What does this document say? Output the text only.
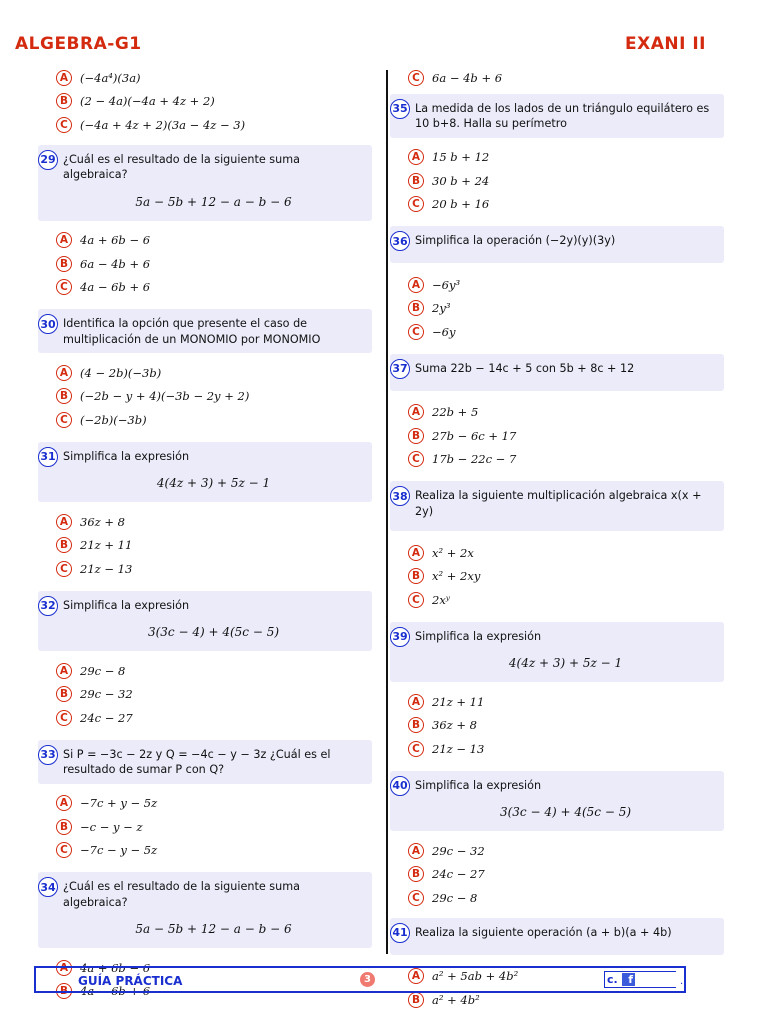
ALGEBRA-G1	EXANI II
A	(−4a⁴)(3a)
B	(2 − 4a)(−4a + 4z + 2)
C	(−4a + 4z + 2)(3a − 4z − 3)
29 ¿Cuál es el resultado de la siguiente suma algebraica?
5a − 5b + 12 − a − b − 6
A	4a + 6b − 6
B	6a − 4b + 6
C	4a − 6b + 6
30 Identifica la opción que presente el caso de multiplicación de un MONOMIO por MONOMIO
A	(4 − 2b)(−3b)
B	(−2b − y + 4)(−3b − 2y + 2)
C	(−2b)(−3b)
31 Simplifica la expresión
4(4z + 3) + 5z − 1
A	36z + 8
B	21z + 11
C	21z − 13
32 Simplifica la expresión
3(3c − 4) + 4(5c − 5)
A	29c − 8
B	29c − 32
C	24c − 27
33 Si P = −3c − 2z y Q = −4c − y − 3z ¿Cuál es el resultado de sumar P con Q?
A	−7c + y − 5z
B	−c − y − z
C	−7c − y − 5z
34 ¿Cuál es el resultado de la siguiente suma algebraica?
5a − 5b + 12 − a − b − 6
A	4a + 6b − 6
B	4a − 6b + 6
C	6a − 4b + 6
35 La medida de los lados de un triángulo equilátero es 10 b+8. Halla su perímetro
A	15 b + 12
B	30 b + 24
C	20 b + 16
36 Simplifica la operación (−2y)(y)(3y)
A	−6y³
B	2y³
C	−6y
37 Suma 22b − 14c + 5 con 5b + 8c + 12
A	22b + 5
B	27b − 6c + 17
C	17b − 22c − 7
38 Realiza la siguiente multiplicación algebraica x(x + 2y)
A	x² + 2x
B	x² + 2xy
C	2xʸ
39 Simplifica la expresión
4(4z + 3) + 5z − 1
A	21z + 11
B	36z + 8
C	21z − 13
40 Simplifica la expresión
3(3c − 4) + 4(5c − 5)
A	29c − 32
B	24c − 27
C	29c − 8
41 Realiza la siguiente operación (a + b)(a + 4b)
A	a² + 5ab + 4b²
B	a² + 4b²
GUÍA PRÁCTICA	3	c. f	.
